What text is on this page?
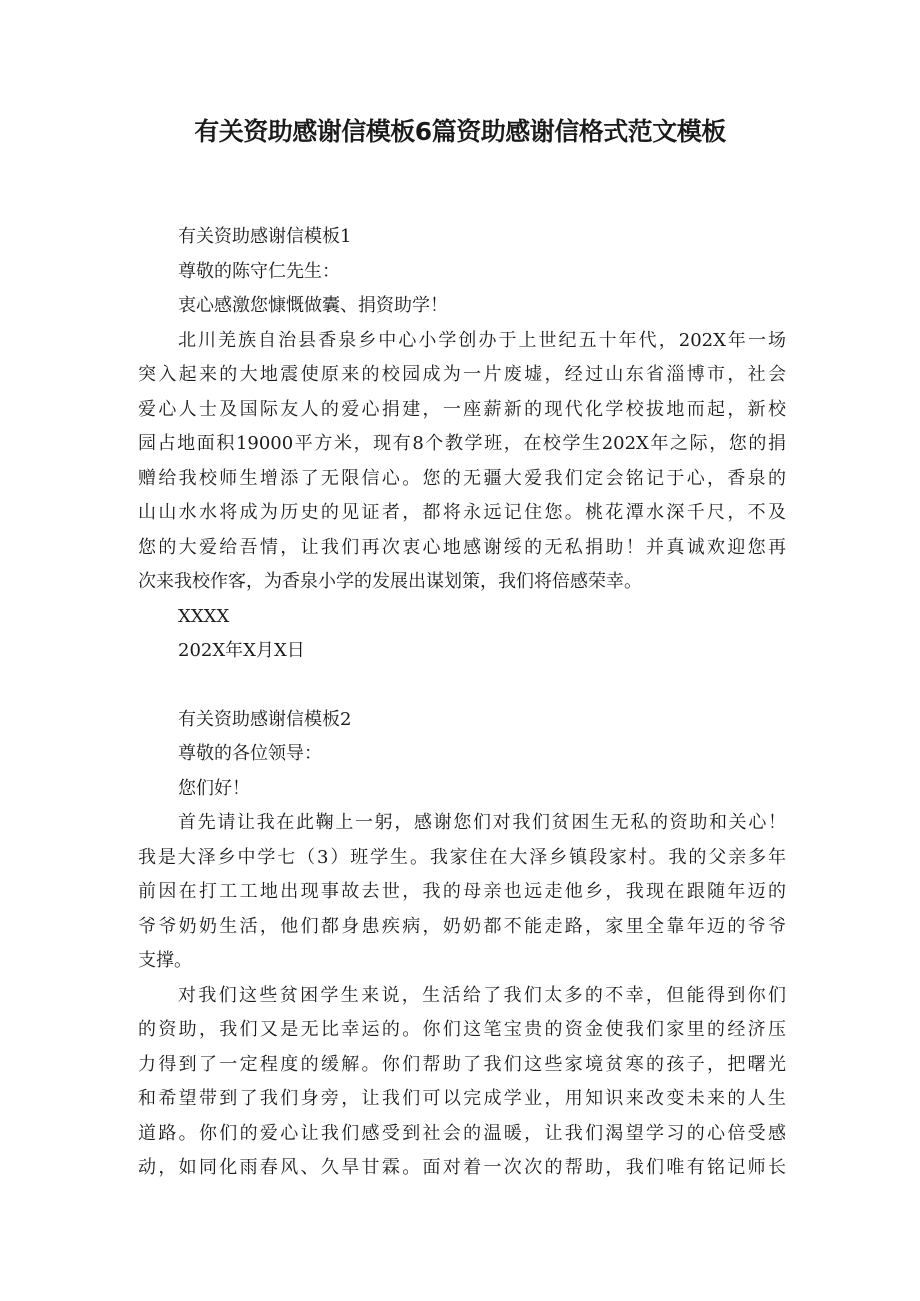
有关资助感谢信模板6篇资助感谢信格式范文模板

有关资助感谢信模板1

尊敬的陈守仁先生：

衷心感激您慷慨做囊、捐资助学！

北川羌族自治县香泉乡中心小学创办于上世纪五十年代，202X年一场

突入起来的大地震使原来的校园成为一片废墟，经过山东省淄博市，社会

爱心人士及国际友人的爱心捐建，一座薪新的现代化学校拔地而起，新校

园占地面积19000平方米，现有8个教学班，在校学生202X年之际，您的捐

赠给我校师生增添了无限信心。您的无疆大爱我们定会铭记于心，香泉的

山山水水将成为历史的见证者，都将永远记住您。桃花潭水深千尺，不及

您的大爱给吾情，让我们再次衷心地感谢绥的无私捐助！并真诚欢迎您再

次来我校作客，为香泉小学的发展出谋划策，我们将倍感荣幸。

XXXX

202X年X月X日

有关资助感谢信模板2

尊敬的各位领导：

您们好！

首先请让我在此鞠上一躬，感谢您们对我们贫困生无私的资助和关心！

我是大泽乡中学七（3）班学生。我家住在大泽乡镇段家村。我的父亲多年

前因在打工工地出现事故去世，我的母亲也远走他乡，我现在跟随年迈的

爷爷奶奶生活，他们都身患疾病，奶奶都不能走路，家里全靠年迈的爷爷

支撑。

对我们这些贫困学生来说，生活给了我们太多的不幸，但能得到你们

的资助，我们又是无比幸运的。你们这笔宝贵的资金使我们家里的经济压

力得到了一定程度的缓解。你们帮助了我们这些家境贫寒的孩子，把曙光

和希望带到了我们身旁，让我们可以完成学业，用知识来改变未来的人生

道路。你们的爱心让我们感受到社会的温暖，让我们渴望学习的心倍受感

动，如同化雨春风、久旱甘霖。面对着一次次的帮助，我们唯有铭记师长
